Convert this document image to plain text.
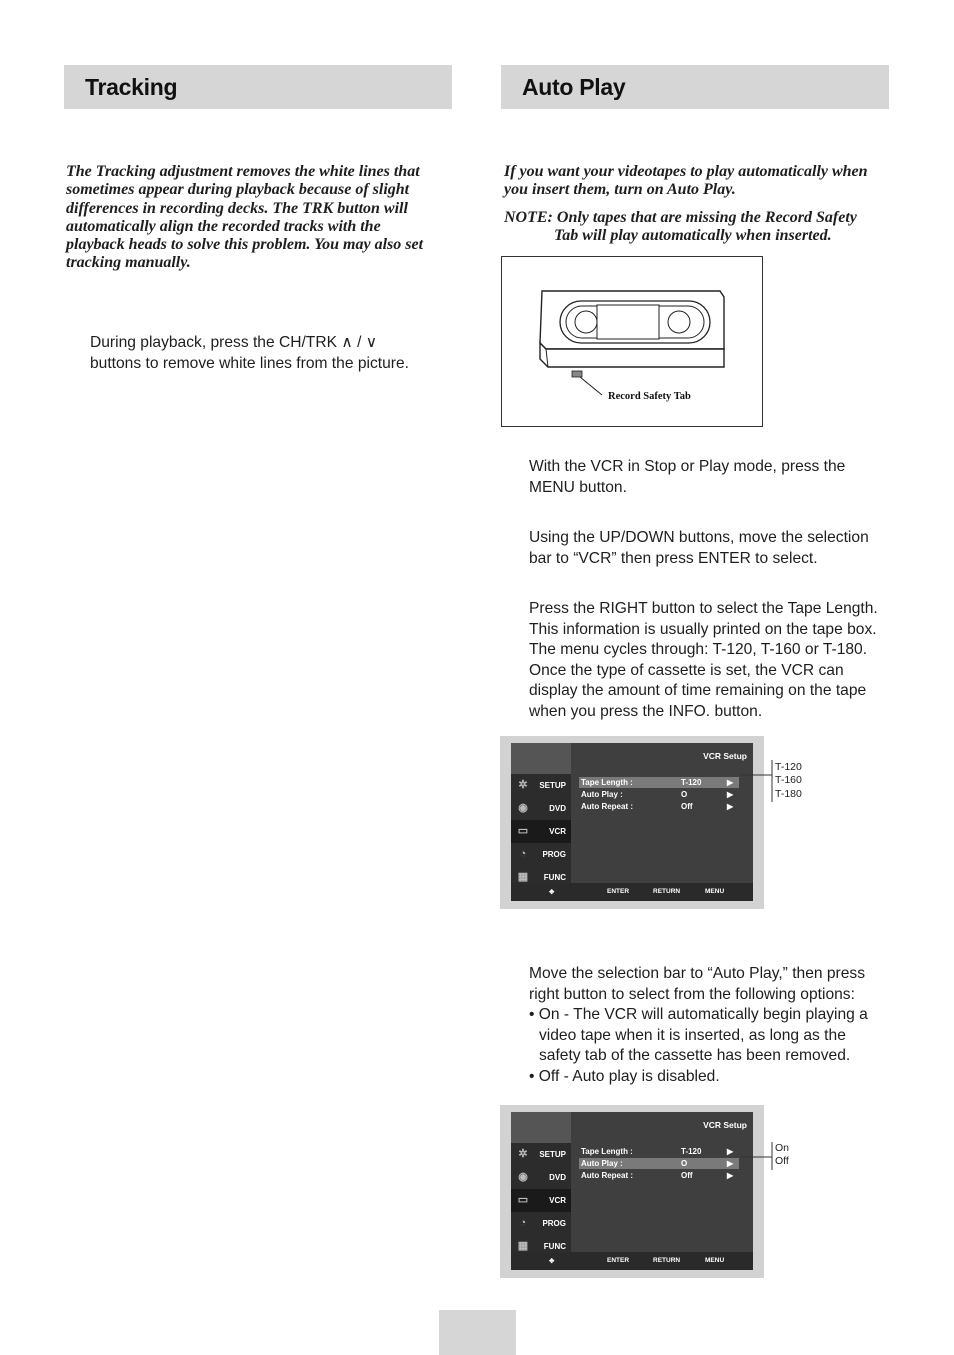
Tracking
The Tracking adjustment removes the white lines that
sometimes appear during playback because of slight
differences in recording decks. The TRK button will
automatically align the recorded tracks with the
playback heads to solve this problem. You may also set
tracking manually.
During playback, press the CH/TRK ∧ / ∨
buttons to remove white lines from the picture.
Auto Play
If you want your videotapes to play automatically when
you insert them, turn on Auto Play.
NOTE: Only tapes that are missing the Record Safety
Tab will play automatically when inserted.
Record Safety Tab
With the VCR in Stop or Play mode, press the
MENU button.
Using the UP/DOWN buttons, move the selection
bar to “VCR” then press ENTER to select.
Press the RIGHT button to select the Tape Length.
This information is usually printed on the tape box.
The menu cycles through: T-120, T-160 or T-180.
Once the type of cassette is set, the VCR can
display the amount of time remaining on the tape
when you press the INFO. button.
VCR Setup
✲	SETUP
◉	DVD
▭	VCR
◔	PROG
▦	FUNC
Tape Length :	T-120	▶
Auto Play :	O	▶
Auto Repeat :	Off	▶
✥	ENTER	RETURN	MENU
T-120
T-160
T-180
Move the selection bar to “Auto Play,” then press
right button to select from the following options:
• On - The VCR will automatically begin playing a
video tape when it is inserted, as long as the
safety tab of the cassette has been removed.
• Off - Auto play is disabled.
VCR Setup
✲	SETUP
◉	DVD
▭	VCR
◔	PROG
▦	FUNC
Tape Length :	T-120	▶
Auto Play :	O	▶
Auto Repeat :	Off	▶
✥	ENTER	RETURN	MENU
On
Off
